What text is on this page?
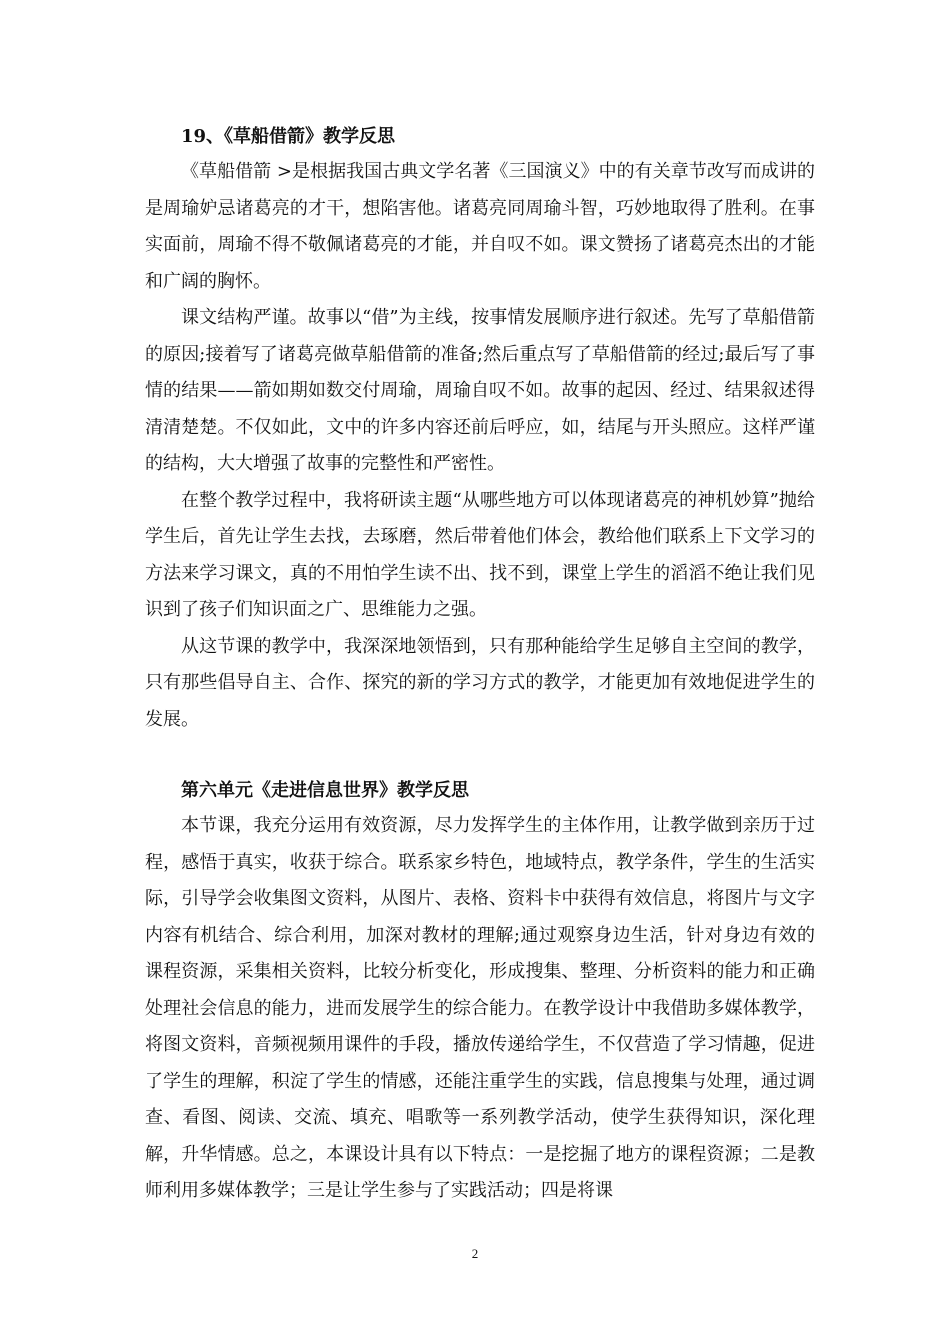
19、《草船借箭》教学反思

《草船借箭 >是根据我国古典文学名著《三国演义》中的有关章节改写而成讲的是周瑜妒忌诸葛亮的才干，想陷害他。诸葛亮同周瑜斗智，巧妙地取得了胜利。在事实面前，周瑜不得不敬佩诸葛亮的才能，并自叹不如。课文赞扬了诸葛亮杰出的才能和广阔的胸怀。

课文结构严谨。故事以“借”为主线，按事情发展顺序进行叙述。先写了草船借箭的原因;接着写了诸葛亮做草船借箭的准备;然后重点写了草船借箭的经过;最后写了事情的结果——箭如期如数交付周瑜，周瑜自叹不如。故事的起因、经过、结果叙述得清清楚楚。不仅如此，文中的许多内容还前后呼应，如，结尾与开头照应。这样严谨的结构，大大增强了故事的完整性和严密性。

在整个教学过程中，我将研读主题“从哪些地方可以体现诸葛亮的神机妙算”抛给学生后，首先让学生去找，去琢磨，然后带着他们体会，教给他们联系上下文学习的方法来学习课文，真的不用怕学生读不出、找不到，课堂上学生的滔滔不绝让我们见识到了孩子们知识面之广、思维能力之强。

从这节课的教学中，我深深地领悟到，只有那种能给学生足够自主空间的教学，只有那些倡导自主、合作、探究的新的学习方式的教学，才能更加有效地促进学生的发展。

第六单元《走进信息世界》教学反思

本节课，我充分运用有效资源，尽力发挥学生的主体作用，让教学做到亲历于过程，感悟于真实，收获于综合。联系家乡特色，地域特点，教学条件，学生的生活实际，引导学会收集图文资料，从图片、表格、资料卡中获得有效信息，将图片与文字内容有机结合、综合利用，加深对教材的理解;通过观察身边生活，针对身边有效的课程资源，采集相关资料，比较分析变化，形成搜集、整理、分析资料的能力和正确处理社会信息的能力，进而发展学生的综合能力。在教学设计中我借助多媒体教学，将图文资料，音频视频用课件的手段，播放传递给学生，不仅营造了学习情趣，促进了学生的理解，积淀了学生的情感，还能注重学生的实践，信息搜集与处理，通过调查、看图、阅读、交流、填充、唱歌等一系列教学活动，使学生获得知识，深化理解，升华情感。总之，本课设计具有以下特点：一是挖掘了地方的课程资源；二是教师利用多媒体教学；三是让学生参与了实践活动；四是将课

2
